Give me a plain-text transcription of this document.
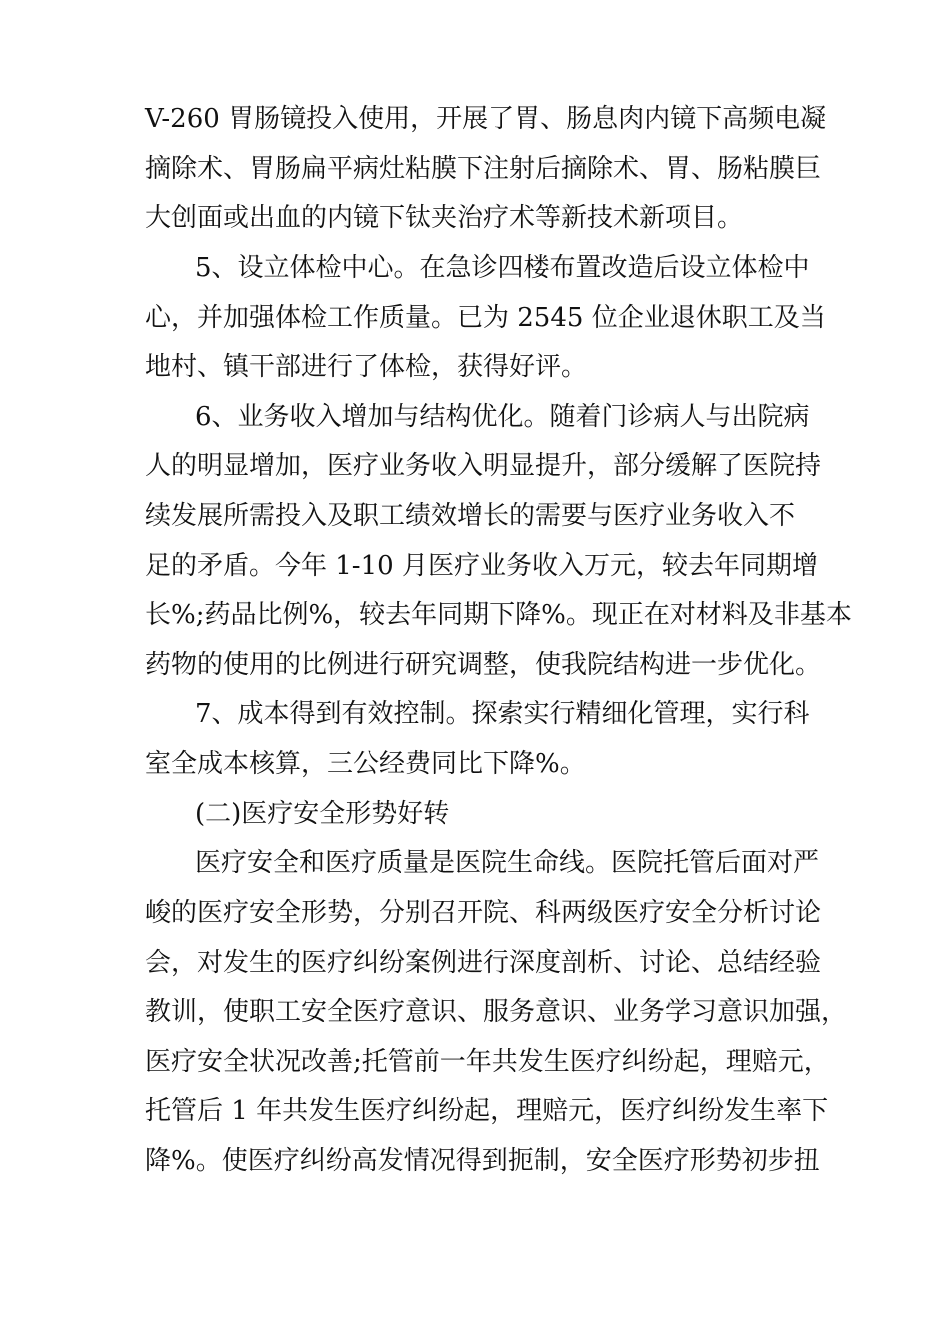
V-260 胃肠镜投入使用，开展了胃、肠息肉内镜下高频电凝
摘除术、胃肠扁平病灶粘膜下注射后摘除术、胃、肠粘膜巨
大创面或出血的内镜下钛夹治疗术等新技术新项目。
5、设立体检中心。在急诊四楼布置改造后设立体检中
心，并加强体检工作质量。已为 2545 位企业退休职工及当
地村、镇干部进行了体检，获得好评。
6、业务收入增加与结构优化。随着门诊病人与出院病
人的明显增加，医疗业务收入明显提升，部分缓解了医院持
续发展所需投入及职工绩效增长的需要与医疗业务收入不
足的矛盾。今年 1-10 月医疗业务收入万元，较去年同期增
长%;药品比例%，较去年同期下降%。现正在对材料及非基本
药物的使用的比例进行研究调整，使我院结构进一步优化。
7、成本得到有效控制。探索实行精细化管理，实行科
室全成本核算，三公经费同比下降%。
(二)医疗安全形势好转
医疗安全和医疗质量是医院生命线。医院托管后面对严
峻的医疗安全形势，分别召开院、科两级医疗安全分析讨论
会，对发生的医疗纠纷案例进行深度剖析、讨论、总结经验
教训，使职工安全医疗意识、服务意识、业务学习意识加强，
医疗安全状况改善;托管前一年共发生医疗纠纷起，理赔元，
托管后 1 年共发生医疗纠纷起，理赔元，医疗纠纷发生率下
降%。使医疗纠纷高发情况得到扼制，安全医疗形势初步扭
